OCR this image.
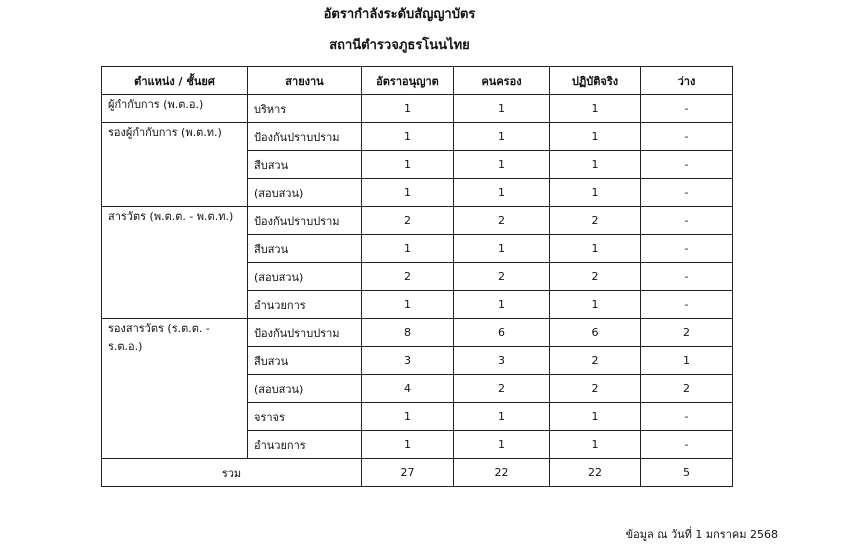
อัตรากำลังระดับสัญญาบัตร
สถานีตำรวจภูธรโนนไทย
ตำแหน่ง / ชั้นยศ	สายงาน	อัตราอนุญาต	คนครอง	ปฏิบัติจริง	ว่าง
ผู้กำกับการ (พ.ต.อ.)	บริหาร	1	1	1	-
รองผู้กำกับการ (พ.ต.ท.)	ป้องกันปราบปราม	1	1	1	-
	สืบสวน	1	1	1	-
	(สอบสวน)	1	1	1	-
สารวัตร (พ.ต.ต. - พ.ต.ท.)	ป้องกันปราบปราม	2	2	2	-
	สืบสวน	1	1	1	-
	(สอบสวน)	2	2	2	-
	อำนวยการ	1	1	1	-
รองสารวัตร (ร.ต.ต. - ร.ต.อ.)	ป้องกันปราบปราม	8	6	6	2
	สืบสวน	3	3	2	1
	(สอบสวน)	4	2	2	2
	จราจร	1	1	1	-
	อำนวยการ	1	1	1	-
รวม		27	22	22	5
ข้อมูล ณ วันที่ 1 มกราคม 2568
